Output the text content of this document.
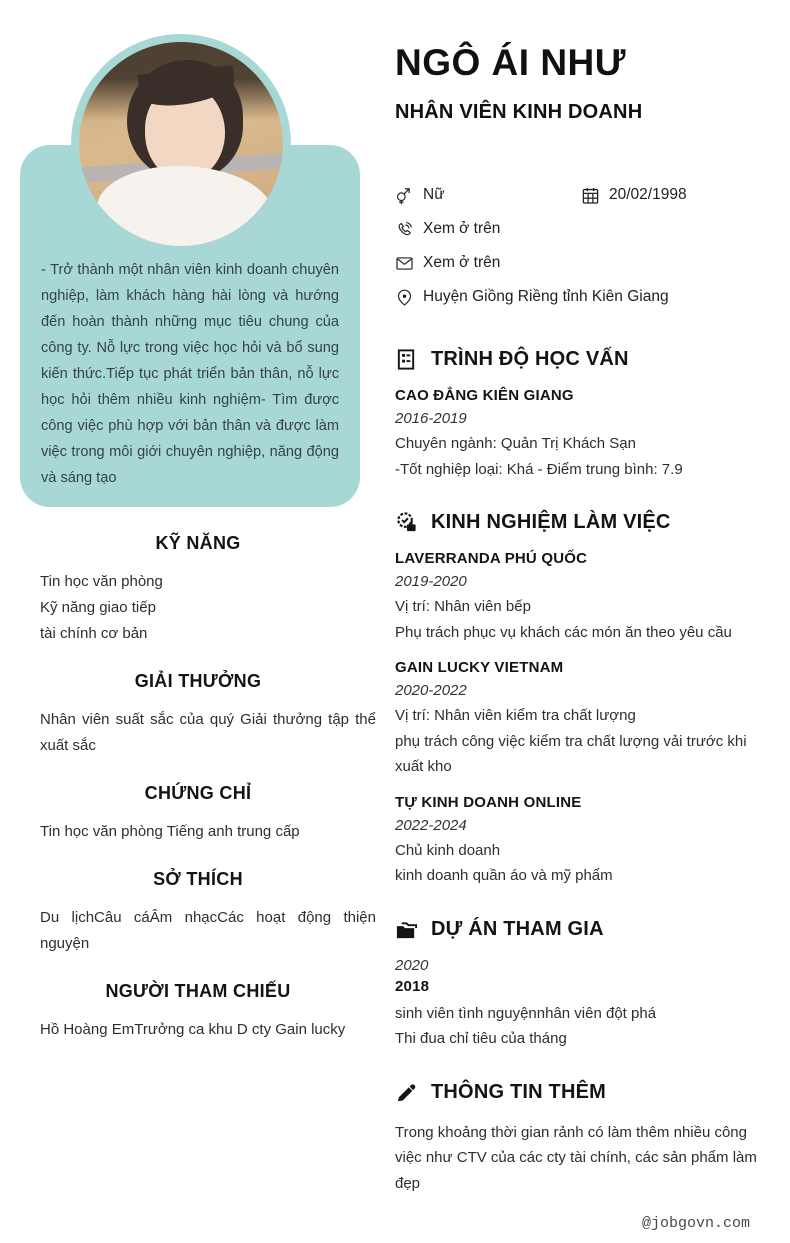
- Trở thành một nhân viên kinh doanh chuyên nghiệp, làm khách hàng hài lòng và hướng đến hoàn thành những mục tiêu chung của công ty. Nỗ lực trong việc học hỏi và bổ sung kiến thức.Tiếp tục phát triển bản thân, nỗ lực học hỏi thêm nhiều kinh nghiệm- Tìm được công việc phù hợp với bản thân và được làm việc trong môi giới chuyên nghiệp, năng động và sáng tạo

KỸ NĂNG
Tin học văn phòng
Kỹ năng giao tiếp
tài chính cơ bản
GIẢI THƯỞNG

Nhân viên suất sắc của quý Giải thưởng tập thể xuất sắc

CHỨNG CHỈ

Tin học văn phòng Tiếng anh trung cấp

SỞ THÍCH

Du lịchCâu cáÂm nhạcCác hoạt động thiện nguyện

NGƯỜI THAM CHIẾU

Hồ Hoàng EmTrưởng ca khu D cty Gain lucky

NGÔ ÁI NHƯ
NHÂN VIÊN KINH DOANH
Nữ	20/02/1998
Xem ở trên
Xem ở trên
Huyện Giồng Riềng tỉnh Kiên Giang
TRÌNH ĐỘ HỌC VẤN
CAO ĐẲNG KIÊN GIANG
2016-2019
Chuyên ngành: Quản Trị Khách Sạn
-Tốt nghiệp loại: Khá - Điểm trung bình: 7.9
KINH NGHIỆM LÀM VIỆC
LAVERRANDA PHÚ QUỐC
2019-2020
Vị trí: Nhân viên bếp
Phụ trách phục vụ khách các món ăn theo yêu cầu
GAIN LUCKY VIETNAM
2020-2022
Vị trí: Nhân viên kiểm tra chất lượng
phụ trách công việc kiểm tra chất lượng vải trước khi xuất kho
TỰ KINH DOANH ONLINE
2022-2024
Chủ kinh doanh
kinh doanh quần áo và mỹ phẩm
DỰ ÁN THAM GIA
2020
2018
sinh viên tình nguyệnnhân viên đột phá
Thi đua chỉ tiêu của tháng
THÔNG TIN THÊM

Trong khoảng thời gian rảnh có làm thêm nhiều công việc như CTV của các cty tài chính, các sản phẩm làm đẹp

@jobgovn.com
